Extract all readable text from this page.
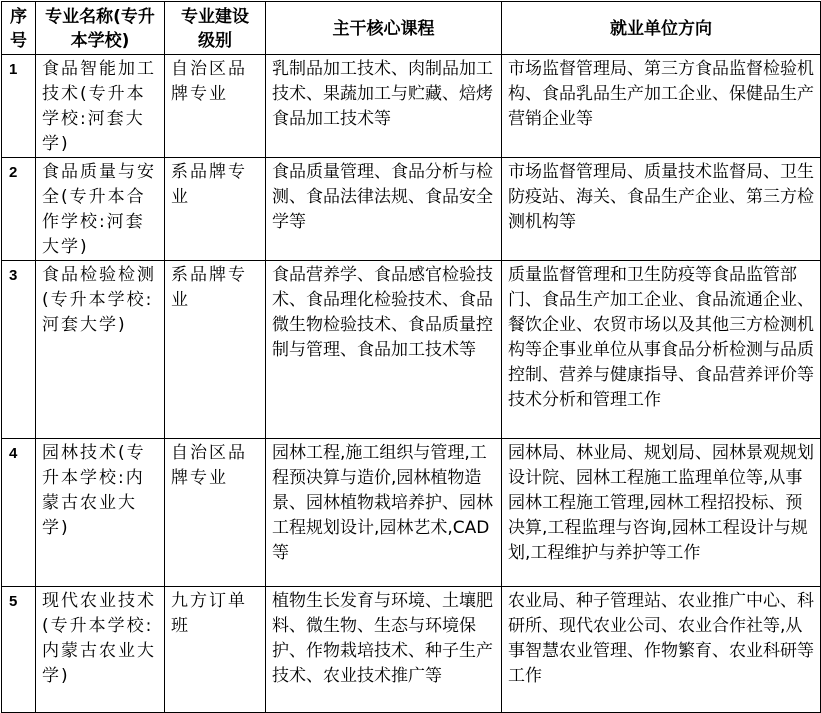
序号	专业名称(专升本学校)	专业建设级别	主干核心课程	就业单位方向
1	食品智能加工技术(专升本学校:河套大学)	自治区品牌专业	乳制品加工技术、肉制品加工技术、果蔬加工与贮藏、焙烤食品加工技术等	市场监督管理局、第三方食品监督检验机构、食品乳品生产加工企业、保健品生产营销企业等
2	食品质量与安全(专升本合作学校:河套大学)	系品牌专业	食品质量管理、食品分析与检测、食品法律法规、食品安全学等	市场监督管理局、质量技术监督局、卫生防疫站、海关、食品生产企业、第三方检测机构等
3	食品检验检测(专升本学校:河套大学)	系品牌专业	食品营养学、食品感官检验技术、食品理化检验技术、食品微生物检验技术、食品质量控制与管理、食品加工技术等	质量监督管理和卫生防疫等食品监管部门、食品生产加工企业、食品流通企业、餐饮企业、农贸市场以及其他三方检测机构等企事业单位从事食品分析检测与品质控制、营养与健康指导、食品营养评价等技术分析和管理工作
4	园林技术(专升本学校:内蒙古农业大学)	自治区品牌专业	园林工程,施工组织与管理,工程预决算与造价,园林植物造景、园林植物栽培养护、园林工程规划设计,园林艺术,CAD等	园林局、林业局、规划局、园林景观规划设计院、园林工程施工监理单位等,从事园林工程施工管理,园林工程招投标、预决算,工程监理与咨询,园林工程设计与规划,工程维护与养护等工作
5	现代农业技术(专升本学校:内蒙古农业大学)	九方订单班	植物生长发育与环境、土壤肥料、微生物、生态与环境保护、作物栽培技术、种子生产技术、农业技术推广等	农业局、种子管理站、农业推广中心、科研所、现代农业公司、农业合作社等,从事智慧农业管理、作物繁育、农业科研等工作
